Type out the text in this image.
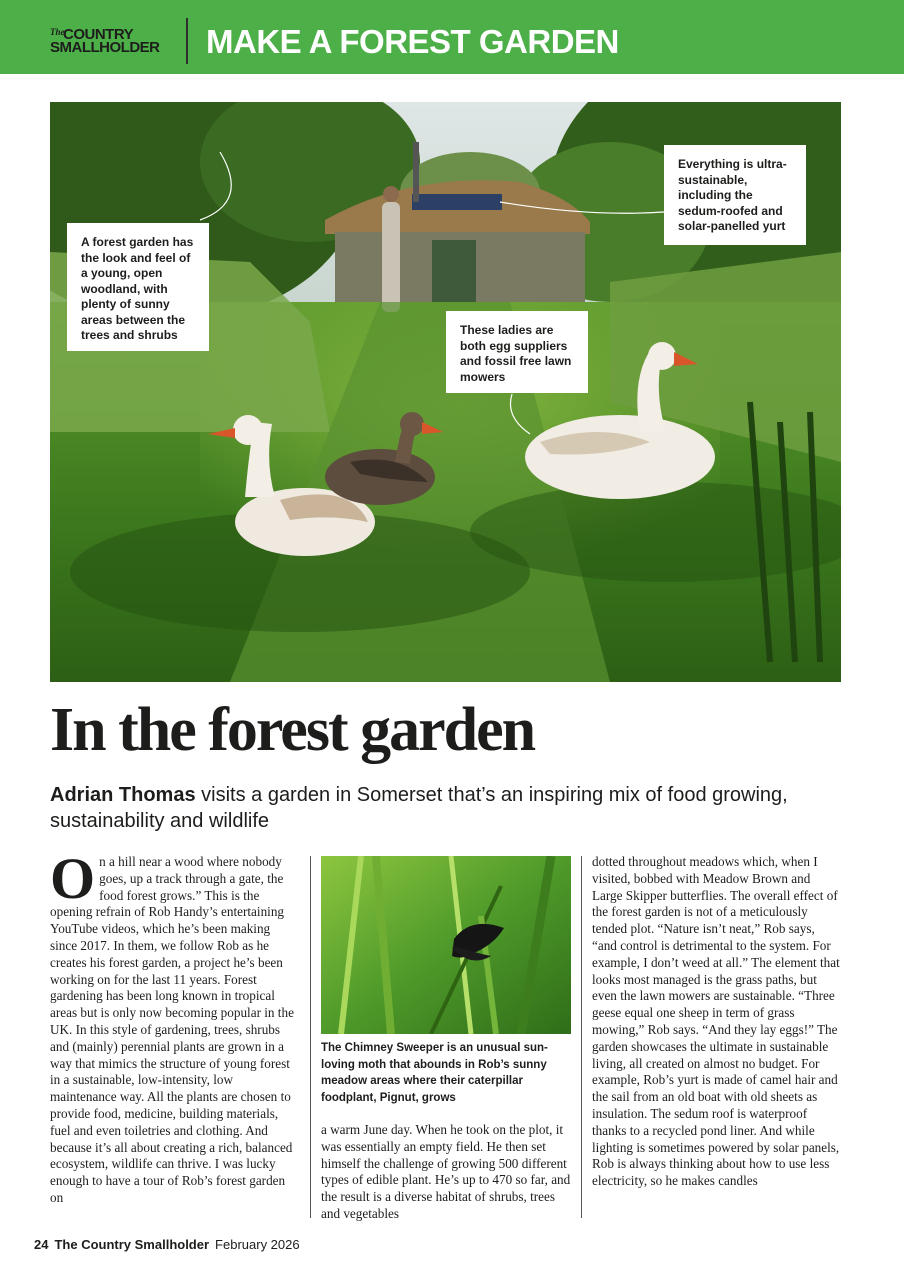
The
COUNTRY
SMALLHOLDER	MAKE A FOREST GARDEN
A forest garden has the look and feel of a young, open woodland, with plenty of sunny areas between the trees and shrubs
Everything is ultra-sustainable, including the sedum-roofed and solar-panelled yurt
These ladies are both egg suppliers and fossil free lawn mowers
In the forest garden

Adrian Thomas visits a garden in Somerset that’s an inspiring mix of food growing, sustainability and wildlife

On a hill near a wood where nobody goes, up a track through a gate, the food forest grows.” This is the opening refrain of Rob Handy’s entertaining YouTube videos, which he’s been making since 2017. In them, we follow Rob as he creates his forest garden, a project he’s been working on for the last 11 years. Forest gardening has been long known in tropical areas but is only now becoming popular in the UK. In this style of gardening, trees, shrubs and (mainly) perennial plants are grown in a way that mimics the structure of young forest in a sustainable, low-intensity, low maintenance way. All the plants are chosen to provide food, medicine, building materials, fuel and even toiletries and clothing. And because it’s all about creating a rich, balanced ecosystem, wildlife can thrive. I was lucky enough to have a tour of Rob’s forest garden on

The Chimney Sweeper is an unusual sun-loving moth that abounds in Rob’s sunny meadow areas where their caterpillar foodplant, Pignut, grows

a warm June day. When he took on the plot, it was essentially an empty field. He then set himself the challenge of growing 500 different types of edible plant. He’s up to 470 so far, and the result is a diverse habitat of shrubs, trees and vegetables
dotted throughout meadows which, when I visited, bobbed with Meadow Brown and Large Skipper butterflies. The overall effect of the forest garden is not of a meticulously tended plot. “Nature isn’t neat,” Rob says, “and control is detrimental to the system. For example, I don’t weed at all.” The element that looks most managed is the grass paths, but even the lawn mowers are sustainable. “Three geese equal one sheep in term of grass mowing,” Rob says. “And they lay eggs!” The garden showcases the ultimate in sustainable living, all created on almost no budget. For example, Rob’s yurt is made of camel hair and the sail from an old boat with old sheets as insulation. The sedum roof is waterproof thanks to a recycled pond liner. And while lighting is sometimes powered by solar panels, Rob is always thinking about how to use less electricity, so he makes candles
24 The Country Smallholder February 2026
